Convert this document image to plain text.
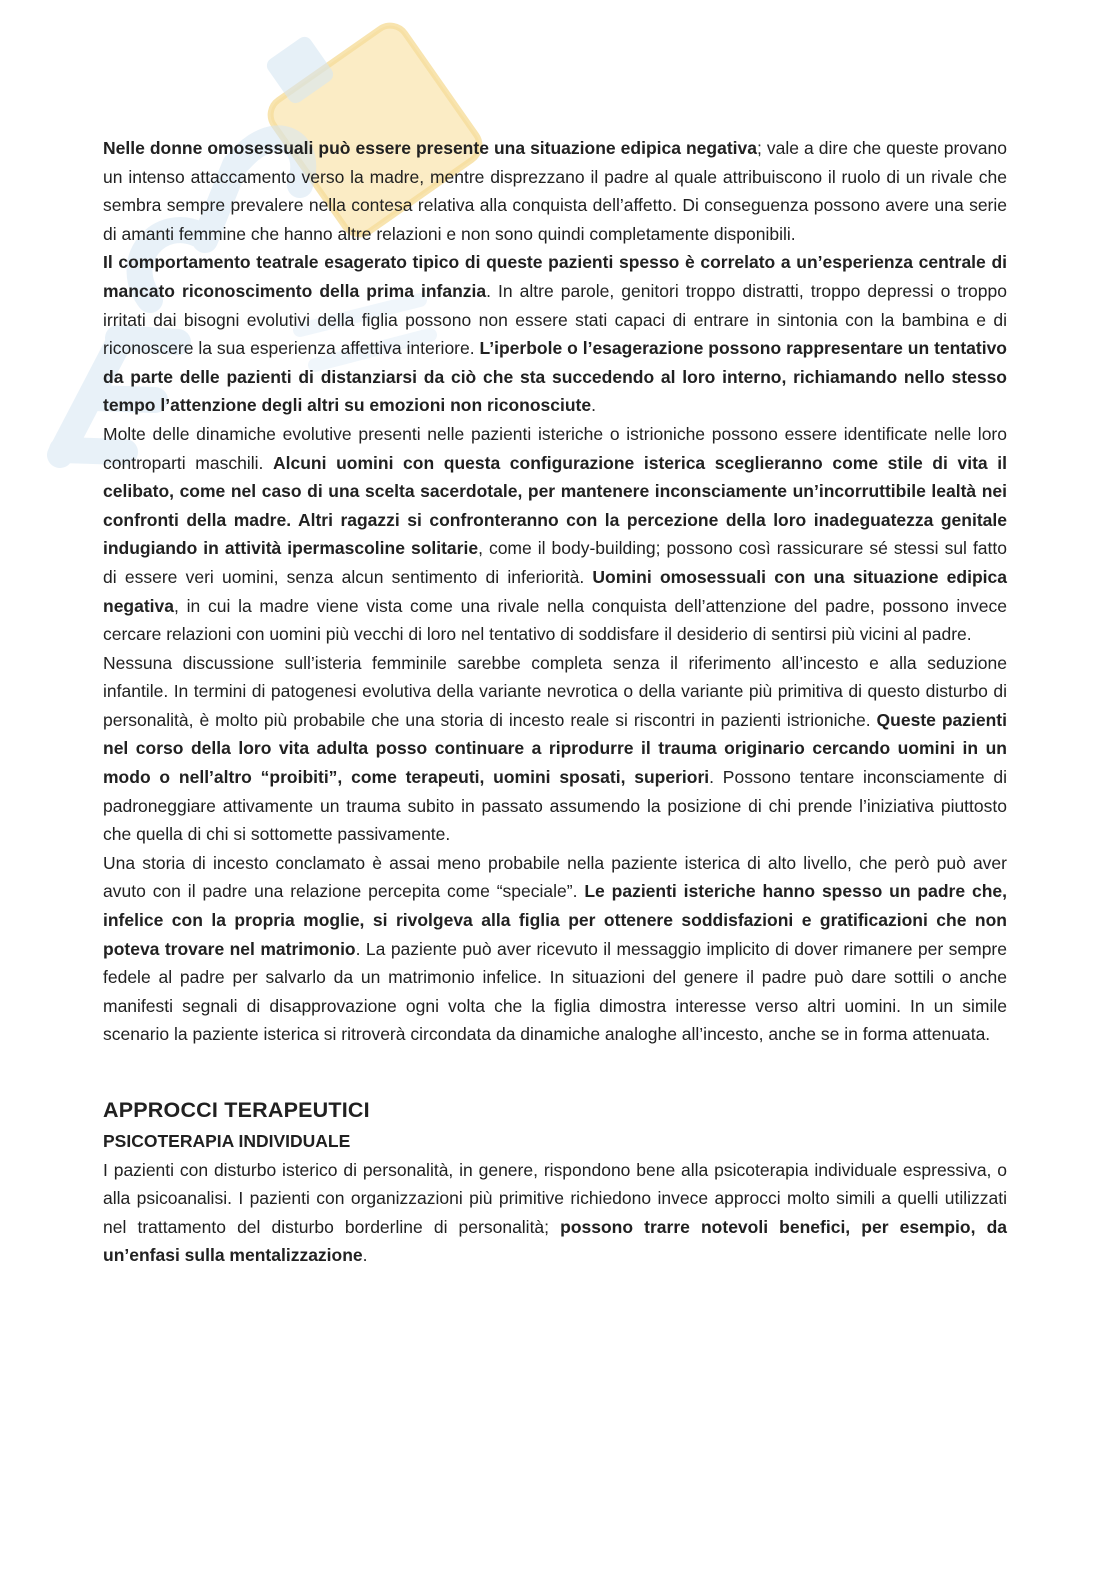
Nelle donne omosessuali può essere presente una situazione edipica negativa; vale a dire che queste provano un intenso attaccamento verso la madre, mentre disprezzano il padre al quale attribuiscono il ruolo di un rivale che sembra sempre prevalere nella contesa relativa alla conquista dell’affetto. Di conseguenza possono avere una serie di amanti femmine che hanno altre relazioni e non sono quindi completamente disponibili.

Il comportamento teatrale esagerato tipico di queste pazienti spesso è correlato a un’esperienza centrale di mancato riconoscimento della prima infanzia. In altre parole, genitori troppo distratti, troppo depressi o troppo irritati dai bisogni evolutivi della figlia possono non essere stati capaci di entrare in sintonia con la bambina e di riconoscere la sua esperienza affettiva interiore. L’iperbole o l’esagerazione possono rappresentare un tentativo da parte delle pazienti di distanziarsi da ciò che sta succedendo al loro interno, richiamando nello stesso tempo l’attenzione degli altri su emozioni non riconosciute.

Molte delle dinamiche evolutive presenti nelle pazienti isteriche o istrioniche possono essere identificate nelle loro controparti maschili. Alcuni uomini con questa configurazione isterica sceglieranno come stile di vita il celibato, come nel caso di una scelta sacerdotale, per mantenere inconsciamente un’incorruttibile lealtà nei confronti della madre. Altri ragazzi si confronteranno con la percezione della loro inadeguatezza genitale indugiando in attività ipermascoline solitarie, come il body-building; possono così rassicurare sé stessi sul fatto di essere veri uomini, senza alcun sentimento di inferiorità. Uomini omosessuali con una situazione edipica negativa, in cui la madre viene vista come una rivale nella conquista dell’attenzione del padre, possono invece cercare relazioni con uomini più vecchi di loro nel tentativo di soddisfare il desiderio di sentirsi più vicini al padre.

Nessuna discussione sull’isteria femminile sarebbe completa senza il riferimento all’incesto e alla seduzione infantile. In termini di patogenesi evolutiva della variante nevrotica o della variante più primitiva di questo disturbo di personalità, è molto più probabile che una storia di incesto reale si riscontri in pazienti istrioniche. Queste pazienti nel corso della loro vita adulta posso continuare a riprodurre il trauma originario cercando uomini in un modo o nell’altro “proibiti”, come terapeuti, uomini sposati, superiori. Possono tentare inconsciamente di padroneggiare attivamente un trauma subito in passato assumendo la posizione di chi prende l’iniziativa piuttosto che quella di chi si sottomette passivamente.

Una storia di incesto conclamato è assai meno probabile nella paziente isterica di alto livello, che però può aver avuto con il padre una relazione percepita come “speciale”. Le pazienti isteriche hanno spesso un padre che, infelice con la propria moglie, si rivolgeva alla figlia per ottenere soddisfazioni e gratificazioni che non poteva trovare nel matrimonio. La paziente può aver ricevuto il messaggio implicito di dover rimanere per sempre fedele al padre per salvarlo da un matrimonio infelice. In situazioni del genere il padre può dare sottili o anche manifesti segnali di disapprovazione ogni volta che la figlia dimostra interesse verso altri uomini. In un simile scenario la paziente isterica si ritroverà circondata da dinamiche analoghe all’incesto, anche se in forma attenuata.

APPROCCI TERAPEUTICI
PSICOTERAPIA INDIVIDUALE

I pazienti con disturbo isterico di personalità, in genere, rispondono bene alla psicoterapia individuale espressiva, o alla psicoanalisi. I pazienti con organizzazioni più primitive richiedono invece approcci molto simili a quelli utilizzati nel trattamento del disturbo borderline di personalità; possono trarre notevoli benefici, per esempio, da un’enfasi sulla mentalizzazione.
